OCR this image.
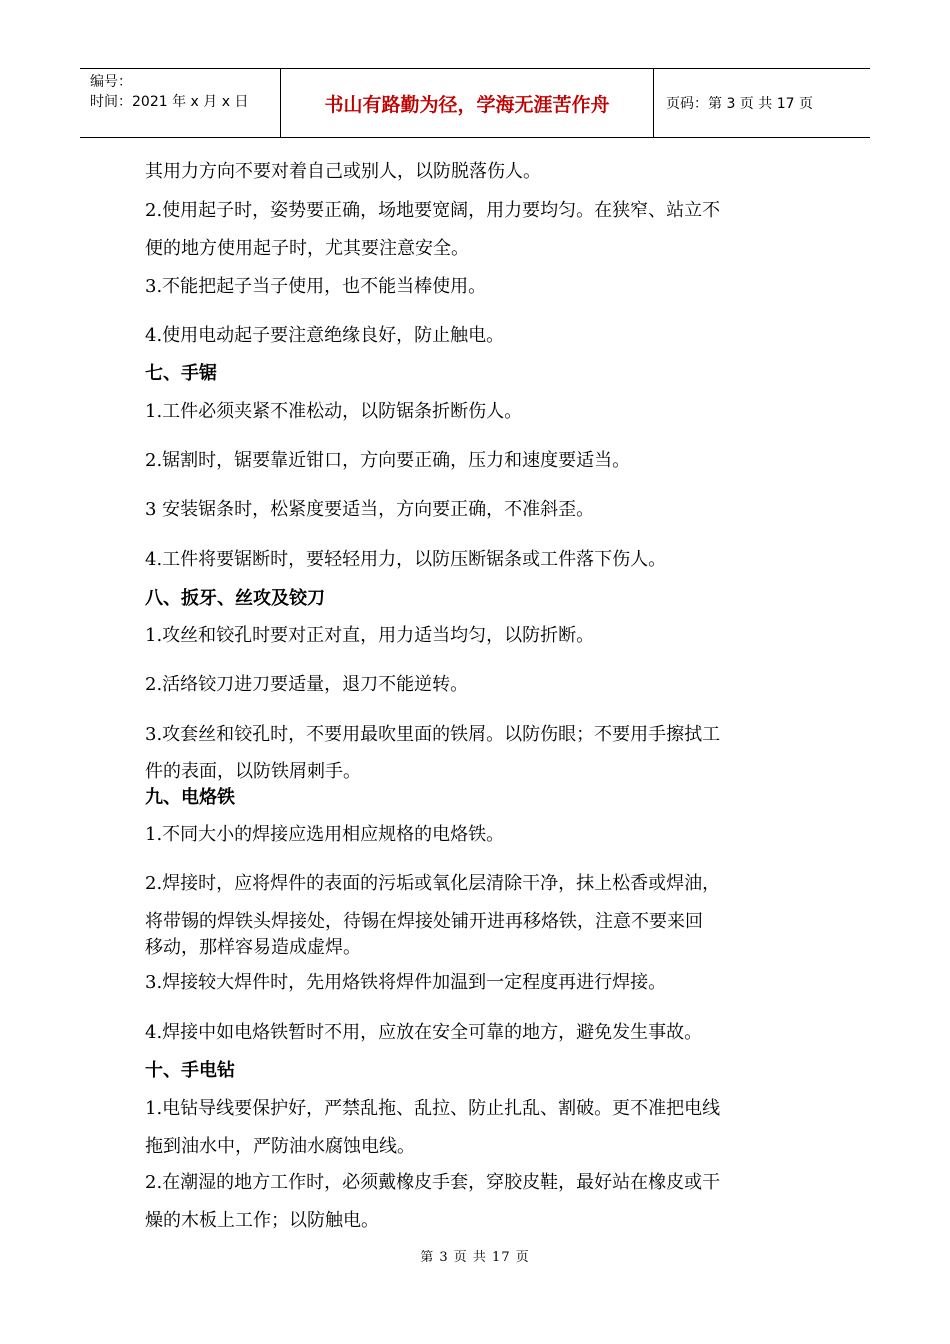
编号：
时间：2021 年 x 月 x 日	书山有路勤为径，学海无涯苦作舟	页码：第 3 页 共 17 页
其用力方向不要对着自己或别人，以防脱落伤人。
2.使用起子时，姿势要正确，场地要宽阔，用力要均匀。在狭窄、站立不
便的地方使用起子时，尤其要注意安全。
3.不能把起子当子使用，也不能当棒使用。
4.使用电动起子要注意绝缘良好，防止触电。
七、手锯
1.工件必须夹紧不准松动，以防锯条折断伤人。
2.锯割时，锯要靠近钳口，方向要正确，压力和速度要适当。
3 安装锯条时，松紧度要适当，方向要正确，不准斜歪。
4.工件将要锯断时，要轻轻用力，以防压断锯条或工件落下伤人。
八、扳牙、丝攻及铰刀
1.攻丝和铰孔时要对正对直，用力适当均匀，以防折断。
2.活络铰刀进刀要适量，退刀不能逆转。
3.攻套丝和铰孔时，不要用最吹里面的铁屑。以防伤眼；不要用手擦拭工
件的表面，以防铁屑刺手。
九、电烙铁
1.不同大小的焊接应选用相应规格的电烙铁。
2.焊接时，应将焊件的表面的污垢或氧化层清除干净，抹上松香或焊油，
将带锡的焊铁头焊接处，待锡在焊接处铺开进再移烙铁，注意不要来回
移动，那样容易造成虚焊。
3.焊接较大焊件时，先用烙铁将焊件加温到一定程度再进行焊接。
4.焊接中如电烙铁暂时不用，应放在安全可靠的地方，避免发生事故。
十、手电钻
1.电钻导线要保护好，严禁乱拖、乱拉、防止扎乱、割破。更不准把电线
拖到油水中，严防油水腐蚀电线。
2.在潮湿的地方工作时，必须戴橡皮手套，穿胶皮鞋，最好站在橡皮或干
燥的木板上工作；以防触电。
第 3 页 共 17 页
